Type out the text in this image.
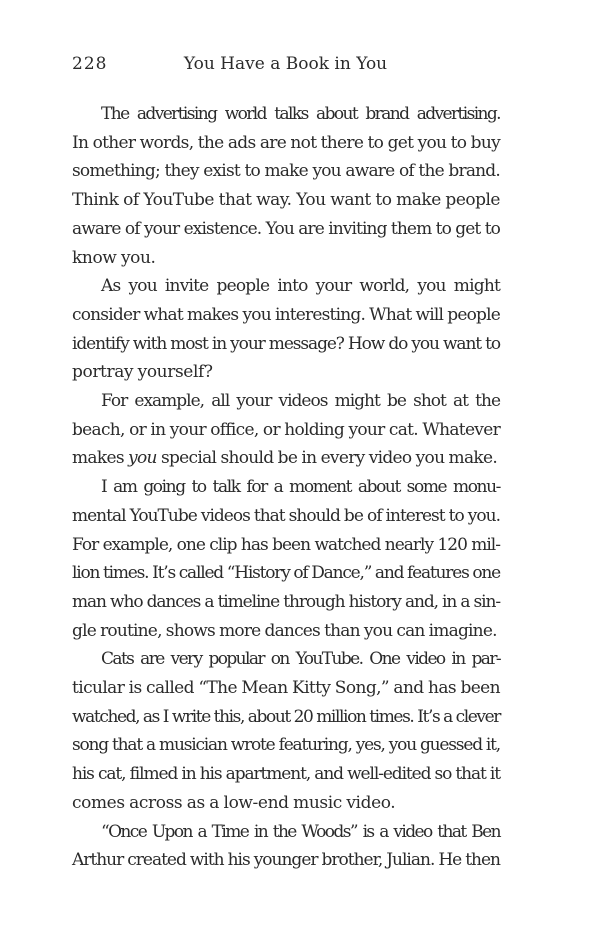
228	You Have a Book in You
The advertising world talks about brand advertising.
In other words, the ads are not there to get you to buy
something; they exist to make you aware of the brand.
Think of YouTube that way. You want to make people
aware of your existence. You are inviting them to get to
know you.
As you invite people into your world, you might
consider what makes you interesting. What will people
identify with most in your message? How do you want to
portray yourself?
For example, all your videos might be shot at the
beach, or in your office, or holding your cat. Whatever
makes you special should be in every video you make.
I am going to talk for a moment about some monu-
mental YouTube videos that should be of interest to you.
For example, one clip has been watched nearly 120 mil-
lion times. It’s called “History of Dance,” and features one
man who dances a timeline through history and, in a sin-
gle routine, shows more dances than you can imagine.
Cats are very popular on YouTube. One video in par-
ticular is called “The Mean Kitty Song,” and has been
watched, as I write this, about 20 million times. It’s a clever
song that a musician wrote featuring, yes, you guessed it,
his cat, filmed in his apartment, and well-edited so that it
comes across as a low-end music video.
“Once Upon a Time in the Woods” is a video that Ben
Arthur created with his younger brother, Julian. He then
